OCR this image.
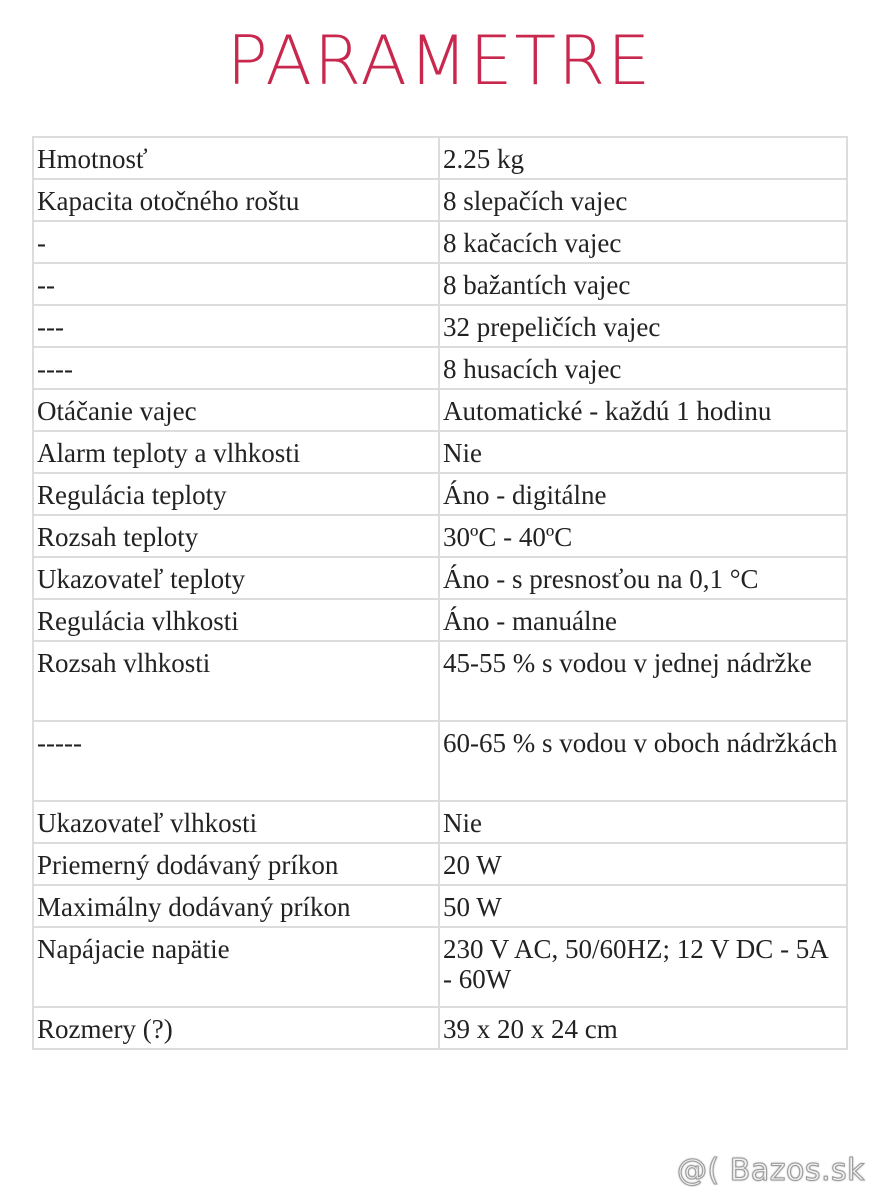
PARAMETRE
Hmotnosť	2.25 kg
Kapacita otočného roštu	8 slepačích vajec
-	8 kačacích vajec
--	8 bažantích vajec
---	32 prepeličích vajec
----	8 husacích vajec
Otáčanie vajec	Automatické - každú 1 hodinu
Alarm teploty a vlhkosti	Nie
Regulácia teploty	Áno - digitálne
Rozsah teploty	30ºC - 40ºC
Ukazovateľ teploty	Áno - s presnosťou na 0,1 °C
Regulácia vlhkosti	Áno - manuálne
Rozsah vlhkosti	45-55 % s vodou v jednej nádržke
-----	60-65 % s vodou v oboch nádržkách
Ukazovateľ vlhkosti	Nie
Priemerný dodávaný príkon	20 W
Maximálny dodávaný príkon	50 W
Napájacie napätie	230 V AC, 50/60HZ; 12 V DC - 5A - 60W
Rozmery (?)	39 x 20 x 24 cm
@( Bazos.sk
